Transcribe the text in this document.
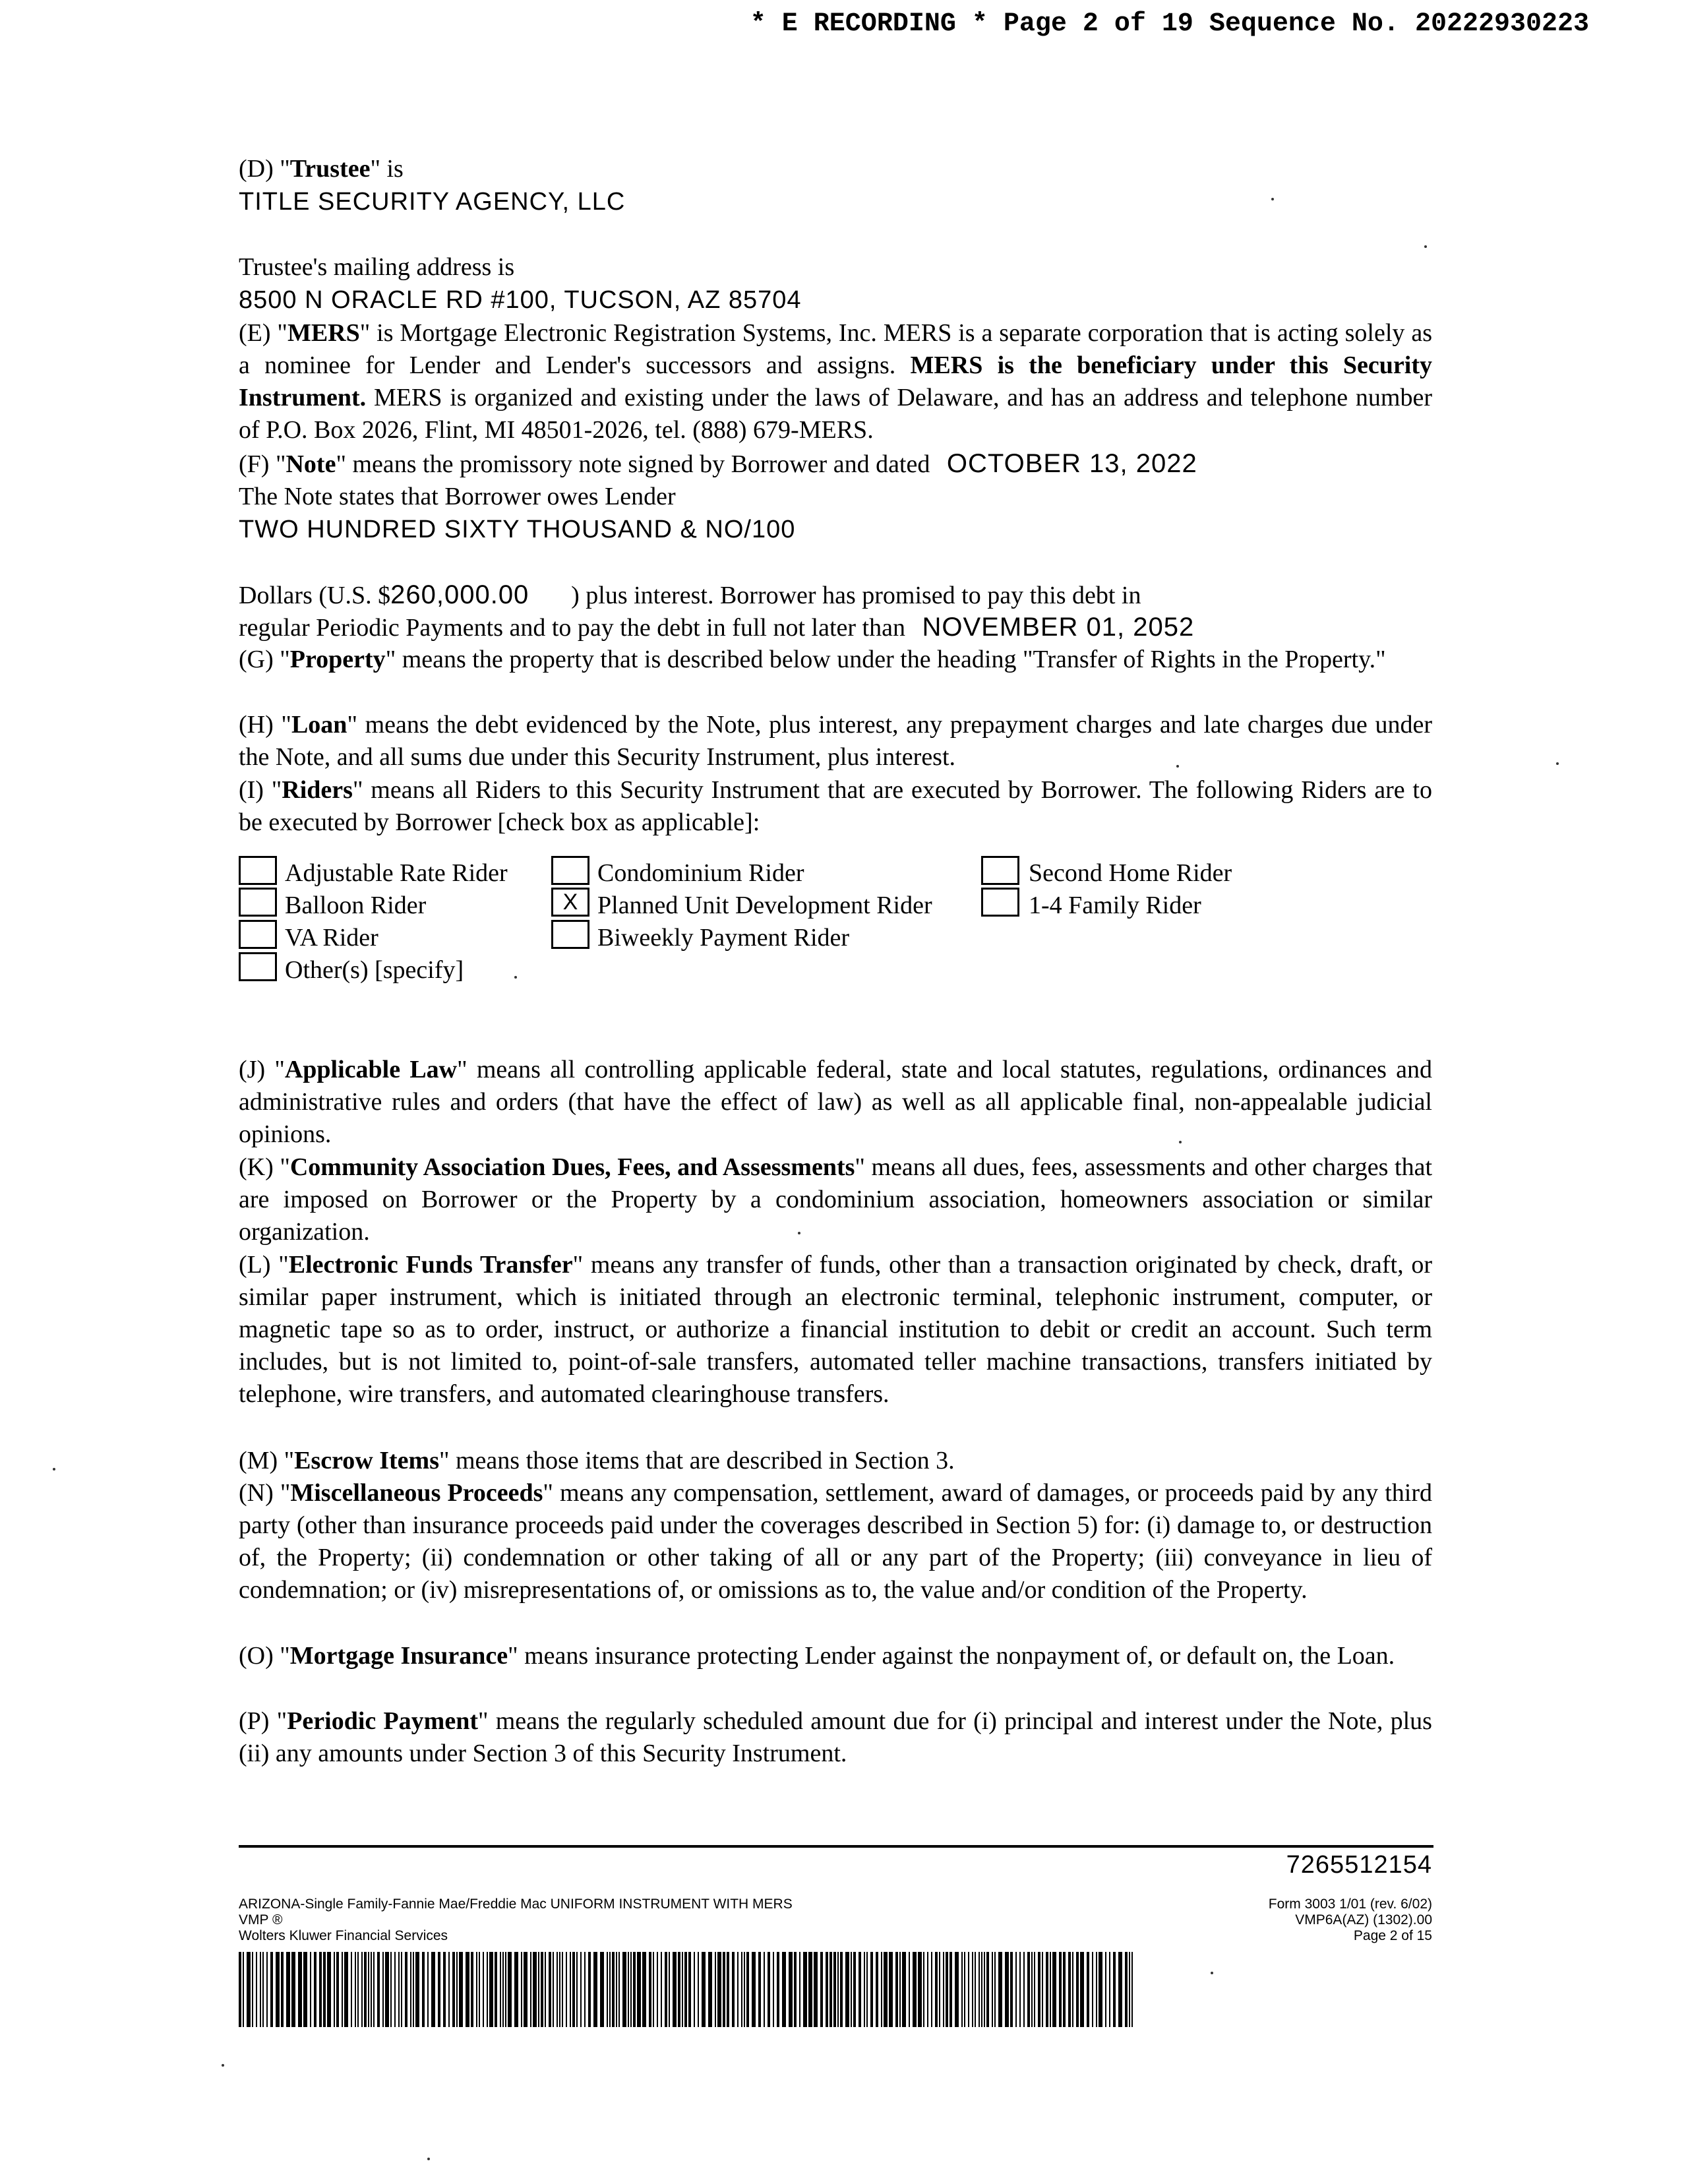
* E RECORDING * Page 2 of 19 Sequence No. 20222930223
(D) "Trustee" is
TITLE SECURITY AGENCY, LLC
Trustee's mailing address is
8500 N ORACLE RD #100, TUCSON, AZ 85704
(E) "MERS" is Mortgage Electronic Registration Systems, Inc. MERS is a separate corporation that is acting solely as a nominee for Lender and Lender's successors and assigns. MERS is the beneficiary under this Security Instrument. MERS is organized and existing under the laws of Delaware, and has an address and telephone number of P.O. Box 2026, Flint, MI 48501-2026, tel. (888) 679-MERS.
(F) "Note" means the promissory note signed by Borrower and dated OCTOBER 13, 2022
The Note states that Borrower owes Lender
TWO HUNDRED SIXTY THOUSAND & NO/100
Dollars (U.S. $260,000.00 ) plus interest. Borrower has promised to pay this debt in
regular Periodic Payments and to pay the debt in full not later than NOVEMBER 01, 2052
(G) "Property" means the property that is described below under the heading "Transfer of Rights in the Property."
(H) "Loan" means the debt evidenced by the Note, plus interest, any prepayment charges and late charges due under the Note, and all sums due under this Security Instrument, plus interest.
(I) "Riders" means all Riders to this Security Instrument that are executed by Borrower. The following Riders are to be executed by Borrower [check box as applicable]:
Adjustable Rate Rider	Condominium Rider	Second Home Rider
Balloon Rider	X Planned Unit Development Rider	1-4 Family Rider
VA Rider	Biweekly Payment Rider
Other(s) [specify]
(J) "Applicable Law" means all controlling applicable federal, state and local statutes, regulations, ordinances and administrative rules and orders (that have the effect of law) as well as all applicable final, non-appealable judicial opinions.
(K) "Community Association Dues, Fees, and Assessments" means all dues, fees, assessments and other charges that are imposed on Borrower or the Property by a condominium association, homeowners association or similar organization.
(L) "Electronic Funds Transfer" means any transfer of funds, other than a transaction originated by check, draft, or similar paper instrument, which is initiated through an electronic terminal, telephonic instrument, computer, or magnetic tape so as to order, instruct, or authorize a financial institution to debit or credit an account. Such term includes, but is not limited to, point-of-sale transfers, automated teller machine transactions, transfers initiated by telephone, wire transfers, and automated clearinghouse transfers.
(M) "Escrow Items" means those items that are described in Section 3.
(N) "Miscellaneous Proceeds" means any compensation, settlement, award of damages, or proceeds paid by any third party (other than insurance proceeds paid under the coverages described in Section 5) for: (i) damage to, or destruction of, the Property; (ii) condemnation or other taking of all or any part of the Property; (iii) conveyance in lieu of condemnation; or (iv) misrepresentations of, or omissions as to, the value and/or condition of the Property.
(O) "Mortgage Insurance" means insurance protecting Lender against the nonpayment of, or default on, the Loan.
(P) "Periodic Payment" means the regularly scheduled amount due for (i) principal and interest under the Note, plus (ii) any amounts under Section 3 of this Security Instrument.
7265512154
ARIZONA-Single Family-Fannie Mae/Freddie Mac UNIFORM INSTRUMENT WITH MERS
VMP ®
Wolters Kluwer Financial Services
Form 3003 1/01 (rev. 6/02)
VMP6A(AZ) (1302).00
Page 2 of 15
